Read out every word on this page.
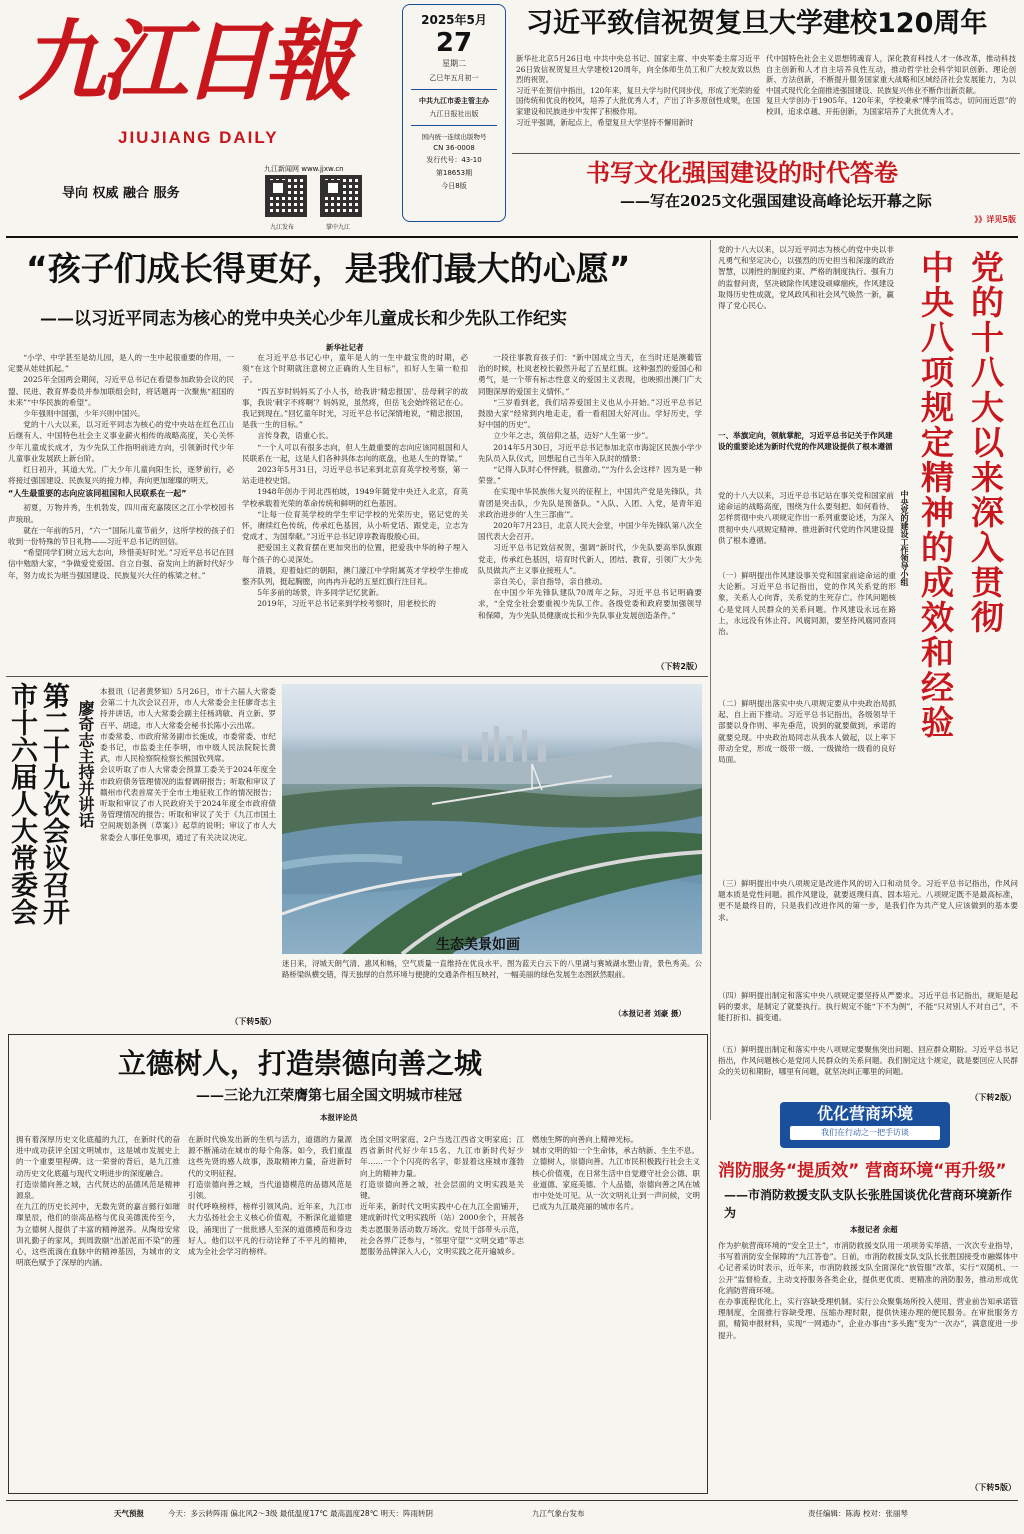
九江日報
JIUJIANG DAILY
导向 权威 融合 服务
九江新闻网 www.jjxw.cn
九江发布	掌中九江
2025年5月
27
星期二
乙巳年五月初一
中共九江市委主管主办
九江日报社出版
国内统一连续出版物号
CN 36-0008
发行代号：43-10
第18653期
今日8版
习近平致信祝贺复旦大学建校120周年
新华社北京5月26日电 中共中央总书记、国家主席、中央军委主席习近平26日致信祝贺复旦大学建校120周年，向全体师生员工和广大校友致以热烈的祝贺。
习近平在贺信中指出，120年来，复旦大学与时代同步伐，形成了光荣的爱国传统和优良的校风，培养了大批优秀人才，产出了许多原创性成果，在国家建设和民族进步中发挥了积极作用。
习近平强调，新起点上，希望复旦大学坚持不懈用新时
代中国特色社会主义思想铸魂育人，深化教育科技人才一体改革，推动科技自主创新和人才自主培养良性互动，推动哲学社会科学知识创新、理论创新、方法创新，不断提升服务国家重大战略和区域经济社会发展能力，为以中国式现代化全面推进强国建设、民族复兴伟业不断作出新贡献。
复旦大学创办于1905年。120年来，学校秉承“博学而笃志，切问而近思”的校训，追求卓越、开拓创新，为国家培养了大批优秀人才。
书写文化强国建设的时代答卷
——写在2025文化强国建设高峰论坛开幕之际
》》详见5版
“孩子们成长得更好，是我们最大的心愿”
——以习近平同志为核心的党中央关心少年儿童成长和少先队工作纪实
新华社记者

“小学、中学甚至是幼儿园，是人的一生中起很重要的作用，一定要从娃娃抓起。”

2025年全国两会期间，习近平总书记在看望参加政协会议的民盟、民进、教育界委员并参加联组会时，将话题再一次聚焦“祖国的未来”“中华民族的希望”。

少年强则中国强，少年兴则中国兴。

党的十八大以来，以习近平同志为核心的党中央站在红色江山后继有人、中国特色社会主义事业薪火相传的战略高度，关心关怀少年儿童成长成才，为少先队工作指明前进方向，引领新时代少年儿童事业发展跃上新台阶。

红日初升，其道大光。广大少年儿童向阳生长，逐梦前行，必将接过强国建设、民族复兴的接力棒，奔向更加璀璨的明天。

“人生最重要的志向应该同祖国和人民联系在一起”

初夏，万物并秀，生机勃发，四川南充嘉陵区之江小学校园书声琅琅。

就在一年前的5月，“六一”国际儿童节前夕，这所学校的孩子们收到一份特殊的节日礼物——习近平总书记的回信。

“希望同学们树立远大志向，珍惜美好时光。”习近平总书记在回信中勉励大家，“争做爱党爱国、自立自强、奋发向上的新时代好少年，努力成长为堪当强国建设、民族复兴大任的栋梁之材。”

在习近平总书记心中，童年是人的一生中最宝贵的时期，必须“在这个时期就注意树立正确的人生目标”，扣好人生第一粒扣子。

“四五岁时妈妈买了小人书，给我讲‘精忠报国’、岳母刺字的故事，我说‘刺字不疼啊’？妈妈说，虽然疼，但岳飞会始终铭记在心。我记到现在。”回忆童年时光，习近平总书记深情地说，“精忠报国，是我一生的目标。”

言传身教，语重心长。

“一个人可以有很多志向，但人生最重要的志向应该同祖国和人民联系在一起，这是人们各种具体志向的底盘，也是人生的脊梁。”

2023年5月31日，习近平总书记来到北京育英学校考察，第一站走进校史馆。

1948年创办于河北西柏坡，1949年随党中央迁入北京，育英学校承载着光荣的革命传统和鲜明的红色基因。

“让每一位育英学校的学生牢记学校的光荣历史，铭记党的关怀，赓续红色传统，传承红色基因，从小听党话、跟党走，立志为党成才、为国奉献。”习近平总书记谆谆教诲殷殷心田。

把爱国主义教育摆在更加突出的位置，把爱我中华的种子埋入每个孩子的心灵深处。

清晨，迎着灿烂的朝阳，澳门濠江中学附属英才学校学生排成整齐队列，挺起胸膛，向冉冉升起的五星红旗行注目礼。

5年多前的场景，许多同学记忆犹新。

2019年，习近平总书记来到学校考察时，用老校长的

一段往事教育孩子们：“新中国成立当天，在当时还是澳葡管治的时候，杜岚老校长毅然升起了五星红旗。这种强烈的爱国心和勇气，是一个带有标志性意义的爱国主义表现，也映照出澳门广大同胞深厚的爱国主义情怀。”

“三岁看到老，我们培养爱国主义也从小开始。”习近平总书记鼓励大家“经常到内地走走，看一看祖国大好河山。学好历史，学好中国的历史”。

立少年之志，筑信仰之基，迈好“人生第一步”。

2014年5月30日，习近平总书记参加北京市海淀区民族小学少先队员入队仪式，回想起自己当年入队时的情景：

“记得入队时心怦怦跳，很激动。”“为什么会这样？因为是一种荣誉。”

在实现中华民族伟大复兴的征程上，中国共产党是先锋队，共青团是突击队，少先队是预备队。“入队、入团、入党，是青年追求政治进步的‘人生三部曲’”。

2020年7月23日，北京人民大会堂，中国少年先锋队第八次全国代表大会召开。

习近平总书记致信祝贺，强调“新时代，少先队要高举队旗跟党走，传承红色基因，培育时代新人，团结、教育，引领广大少先队员做共产主义事业接班人”。

亲自关心，亲自指导，亲自推动。

在中国少年先锋队建队70周年之际，习近平总书记明确要求，“全党全社会要重视少先队工作。各级党委和政府要加强领导和保障，为少先队员健康成长和少先队事业发展创造条件。”

（下转2版）
党的十八大以来，以习近平同志为核心的党中央以非凡勇气和坚定决心，以强烈的历史担当和深邃的政治智慧，以刚性的制度约束、严格的制度执行、强有力的监督问责，坚决破除作风建设顽瘴痼疾，作风建设取得历史性成就，党风政风和社会风气焕然一新，赢得了党心民心。	中央八项规定精神的成效和经验 党的十八大以来深入贯彻
中央党的建设工作领导小组
一、举旗定向，领航掌舵，习近平总书记关于作风建设的重要论述为新时代党的作风建设提供了根本遵循
党的十八大以来，习近平总书记站在事关党和国家前途命运的战略高度，围绕为什么要刻把、如何看待、怎样贯彻中央八项规定作出一系列重要论述，为深入贯彻中央八项规定精神、推进新时代党的作风建设提供了根本遵循。
（一）鲜明提出作风建设事关党和国家前途命运的重大论断。习近平总书记指出，党的作风关系党的形象，关系人心向背，关系党的生死存亡。作风问题核心是党同人民群众的关系问题。作风建设永远在路上，永远没有休止符。风腐同源，要坚持风腐同查同治。
（二）鲜明提出落实中央八项规定要从中央政治局抓起、自上而下推动。习近平总书记指出，各级领导干部要以身作则、率先垂范，说到的就要做到，承诺的就要兑现。中央政治局同志从我本人做起，以上率下带动全党，形成一级带一级、一级做给一级看的良好局面。
（三）鲜明提出中央八项规定是改进作风的切入口和动员令。习近平总书记指出，作风问题本质是党性问题。抓作风建设，就要返璞归真、固本培元。八项规定既不是最高标准，更不是最终目的，只是我们改进作风的第一步，是我们作为共产党人应该做到的基本要求。
（四）鲜明提出制定和落实中央八项规定要坚持从严要求。习近平总书记指出，规矩是起码的要求，是制定了就要执行。执行规定不能“下不为例”，不能“只对别人不对自己”，不能打折扣、搞变通。
（五）鲜明提出制定和落实中央八项规定要聚焦突出问题、回应群众期盼。习近平总书记指出，作风问题核心是党同人民群众的关系问题。我们制定这个规定，就是要回应人民群众的关切和期盼，哪里有问题，就坚决纠正哪里的问题。
（下转2版）
市十六届人大常委会 第二十九次会议召开 廖奇志主持并讲话
本报讯（记者黄梦知）5月26日，市十六届人大常委会第二十九次会议召开，市人大常委会主任廖奇志主持并讲话，市人大常委会副主任杨鸿敏、肖立新、罗百平、胡逵，市人大常委会秘书长陈小云出席。
市委常委、市政府常务副市长施成，市委常委、市纪委书记，市监委主任李明，市中级人民法院院长黄武，市人民检察院检察长熊国钦列席。
会议听取了市人大常委会预算工委关于2024年度全市政府债务管理情况的监督调研报告；听取和审议了赣州市代表首席关于全市土地征收工作的情况报告；听取和审议了市人民政府关于2024年度全市政府债务管理情况的报告；听取和审议了关于《九江市国土空间规划条例（草案）》起草的说明；审议了市人大常委会人事任免事项，通过了有关决议决定。
（下转5版）
生态美景如画
迷日来，浔城天朗气清、惠风和畅，空气质量一直维持在优良水平。图为蓝天白云下的八里湖与赛城湖水塑山青，景色秀美。公路桥梁纵横交错，得天独厚的自然环境与便捷的交通条件相互映衬，一幅美丽的绿色发展生态图跃然眼前。
（本报记者 刘豪 摄）
立德树人，打造崇德向善之城
——三论九江荣膺第七届全国文明城市桂冠
本报评论员
拥有着深厚历史文化底蕴的九江，在新时代的奋进中成功获评全国文明城市，这是城市发展史上的一个重要里程碑。这一荣誉的背后，是九江推动历史文化底蕴与现代文明进步的深度融合。
打造崇德向善之城，古代贤达的品德风范是精神源泉。
在九江的历史长河中，无数先贤的嘉言懿行如璀璨星辰，他们的崇高品格与优良美德流传至今，为立德树人提供了丰富的精神滋养。从陶母安常训礼勤子的家风，到周敦颐“出淤泥而不染”的莲心，这些流淌在血脉中的精神基因，为城市的文明底色赋予了深厚的内涵。
在新时代焕发出新的生机与活力，道德的力量源源不断涌动在城市的每个角落。如今，我们重温这些先贤的感人故事，汲取精神力量，奋进新时代的文明征程。
打造崇德向善之城，当代道德模范的品德风范是引领。
时代呼唤榜样，榜样引领风尚。近年来，九江市大力弘扬社会主义核心价值观，不断深化道德建设，涌现出了一批批感人至深的道德模范和身边好人。他们以平凡的行动诠释了不平凡的精神，成为全社会学习的榜样。
选全国文明家庭、2户当选江西省文明家庭；江西省新时代好少年15名、九江市新时代好少年……一个个闪亮的名字，彰显着这座城市蓬勃向上的精神力量。
打造崇德向善之城，社会层面的文明实践是关键。
近年来，新时代文明实践中心在九江全面铺开，建成新时代文明实践所（站）2000余个，开展各类志愿服务活动数万场次。党员干部带头示范，社会各界广泛参与，“邻里守望”“文明交通”等志愿服务品牌深入人心，文明实践之花开遍城乡。
燃烛生辉的向善向上精神光标。
城市文明的如一个生命体，承古纳新、生生不息。
立德树人，崇德向善。九江市民积极践行社会主义核心价值观，在日常生活中自觉遵守社会公德、职业道德、家庭美德、个人品德，崇德向善之风在城市中处处可见。从一次文明礼让到一声问候，文明已成为九江最亮丽的城市名片。
优化营商环境
我们在行动之一把手访谈
消防服务“提质效” 营商环境“再升级”
——市消防救援支队支队长张胜国谈优化营商环境新作为
本报记者 余超
作为护航营商环境的“安全卫士”，市消防救援支队用一项项务实举措、一次次专业指导，书写着消防安全保障的“九江答卷”。日前，市消防救援支队支队长张胜国接受市融媒体中心记者采访时表示，近年来，市消防救援支队全面深化“放管服”改革，实行“双随机、一公开”监督检查，主动支持服务各类企业，提供更优质、更精准的消防服务，推动形成优化消防营商环境。
在办事流程优化上，实行容缺受理机制。实行公众聚集场所投入使用、营业前告知承诺管理制度，全面推行容缺受理、压缩办理时限，提供快速办理的便民服务。在审批服务方面，精简申报材料，实现“一网通办”，企业办事由“多头跑”变为“一次办”，满意度进一步提升。
（下转5版）
天气预报	今天：多云转阵雨 偏北风2～3级 最低温度17℃ 最高温度28℃ 明天：阵雨转阴	九江气象台发布	责任编辑：陈海 校对：张丽琴
